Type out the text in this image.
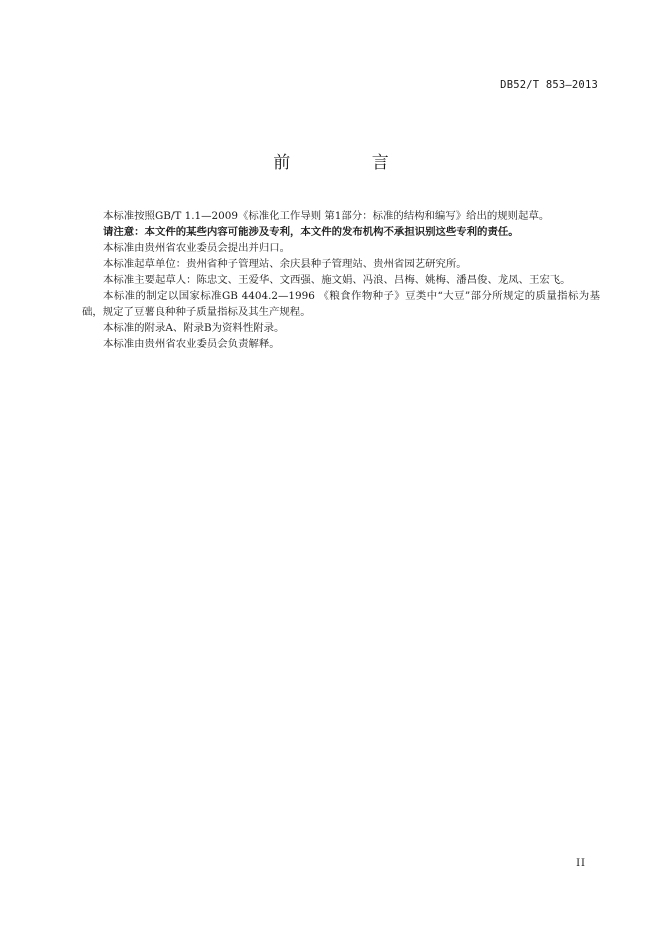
DB52/T 853—2013
前 言

本标准按照GB/T 1.1—2009《标准化工作导则 第1部分：标准的结构和编写》给出的规则起草。

请注意：本文件的某些内容可能涉及专利，本文件的发布机构不承担识别这些专利的责任。

本标准由贵州省农业委员会提出并归口。

本标准起草单位：贵州省种子管理站、余庆县种子管理站、贵州省园艺研究所。

本标准主要起草人：陈忠文、王爱华、文西强、施文娟、冯浪、吕梅、姚梅、潘昌俊、龙凤、王宏飞。

本标准的制定以国家标准GB 4404.2—1996 《粮食作物种子》豆类中“大豆”部分所规定的质量指标为基础，规定了豆薯良种种子质量指标及其生产规程。

本标准的附录A、附录B为资料性附录。

本标准由贵州省农业委员会负责解释。

II
